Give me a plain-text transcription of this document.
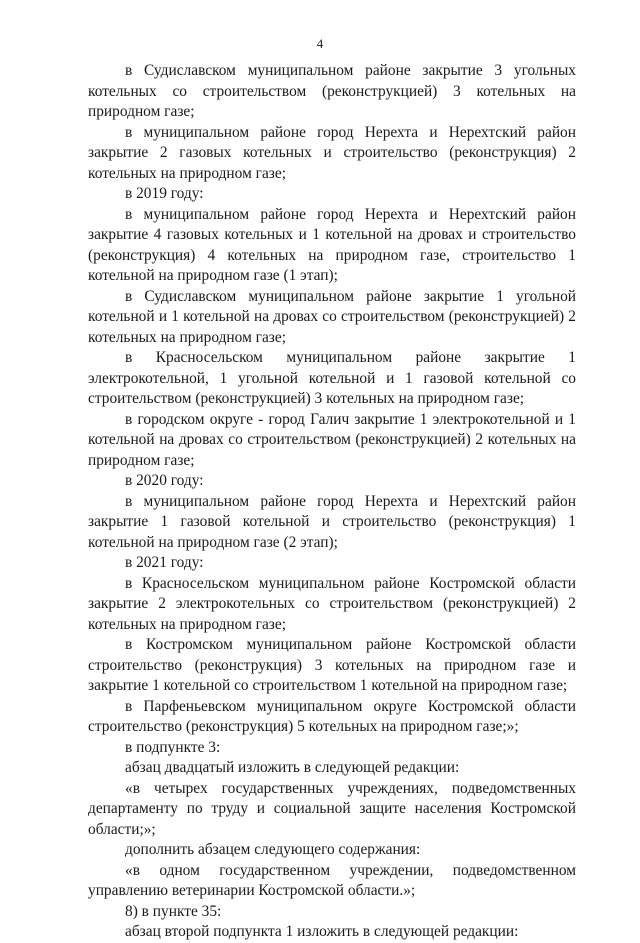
4

в Судиславском муниципальном районе закрытие 3 угольных котельных со строительством (реконструкцией) 3 котельных на природном газе;

в муниципальном районе город Нерехта и Нерехтский район закрытие 2 газовых котельных и строительство (реконструкция) 2 котельных на природном газе;

в 2019 году:

в муниципальном районе город Нерехта и Нерехтский район закрытие 4 газовых котельных и 1 котельной на дровах и строительство (реконструкция) 4 котельных на природном газе, строительство 1 котельной на природном газе (1 этап);

в Судиславском муниципальном районе закрытие 1 угольной котельной и 1 котельной на дровах со строительством (реконструкцией) 2 котельных на природном газе;

в Красносельском муниципальном районе закрытие 1 электрокотельной, 1 угольной котельной и 1 газовой котельной со строительством (реконструкцией) 3 котельных на природном газе;

в городском округе - город Галич закрытие 1 электрокотельной и 1 котельной на дровах со строительством (реконструкцией) 2 котельных на природном газе;

в 2020 году:

в муниципальном районе город Нерехта и Нерехтский район закрытие 1 газовой котельной и строительство (реконструкция) 1 котельной на природном газе (2 этап);

в 2021 году:

в Красносельском муниципальном районе Костромской области закрытие 2 электрокотельных со строительством (реконструкцией) 2 котельных на природном газе;

в Костромском муниципальном районе Костромской области строительство (реконструкция) 3 котельных на природном газе и закрытие 1 котельной со строительством 1 котельной на природном газе;

в Парфеньевском муниципальном округе Костромской области строительство (реконструкция) 5 котельных на природном газе;»;

в подпункте 3:

абзац двадцатый изложить в следующей редакции:

«в четырех государственных учреждениях, подведомственных департаменту по труду и социальной защите населения Костромской области;»;

дополнить абзацем следующего содержания:

«в одном государственном учреждении, подведомственном управлению ветеринарии Костромской области.»;

8) в пункте 35:

абзац второй подпункта 1 изложить в следующей редакции:
